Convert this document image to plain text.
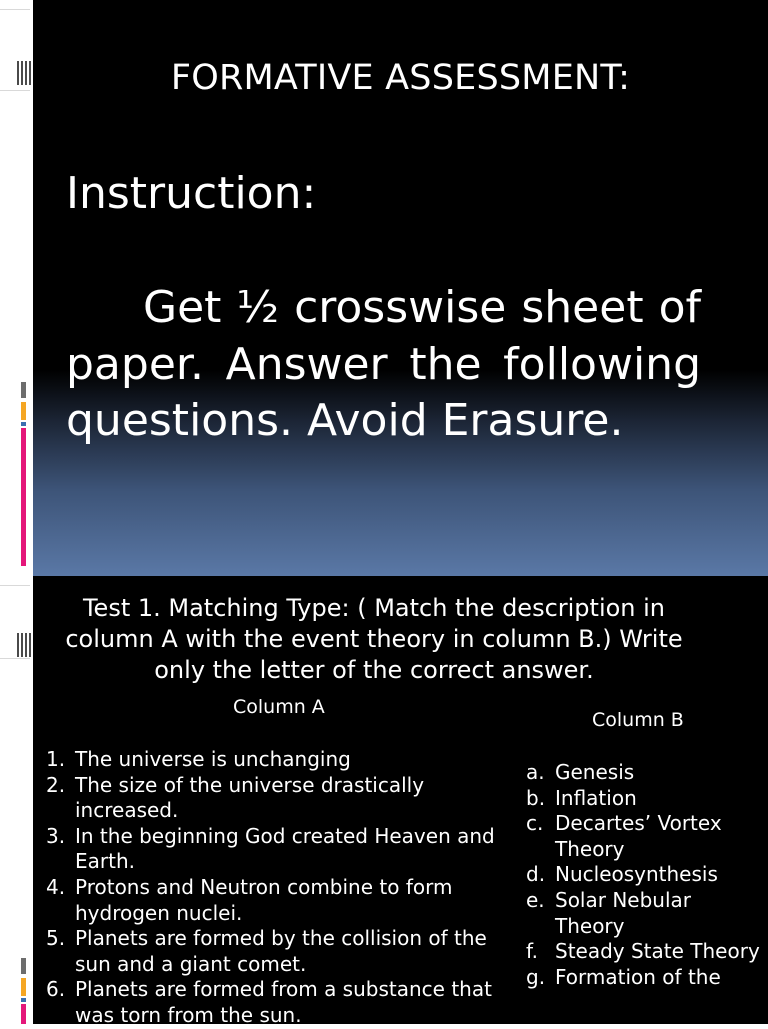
FORMATIVE ASSESSMENT:
Instruction:
Get ½ crosswise sheet of paper. Answer the following questions. Avoid Erasure.
Test 1. Matching Type: ( Match the description in column A with the event theory in column B.) Write only the letter of the correct answer.
Column A
Column B
1. The universe is unchanging
2. The size of the universe drastically increased.
3. In the beginning God created Heaven and Earth.
4. Protons and Neutron combine to form hydrogen nuclei.
5. Planets are formed by the collision of the sun and a giant comet.
6. Planets are formed from a substance that was torn from the sun.
a. Genesis
b. Inflation
c. Decartes’ Vortex Theory
d. Nucleosynthesis
e. Solar Nebular Theory
f. Steady State Theory
g. Formation of the
